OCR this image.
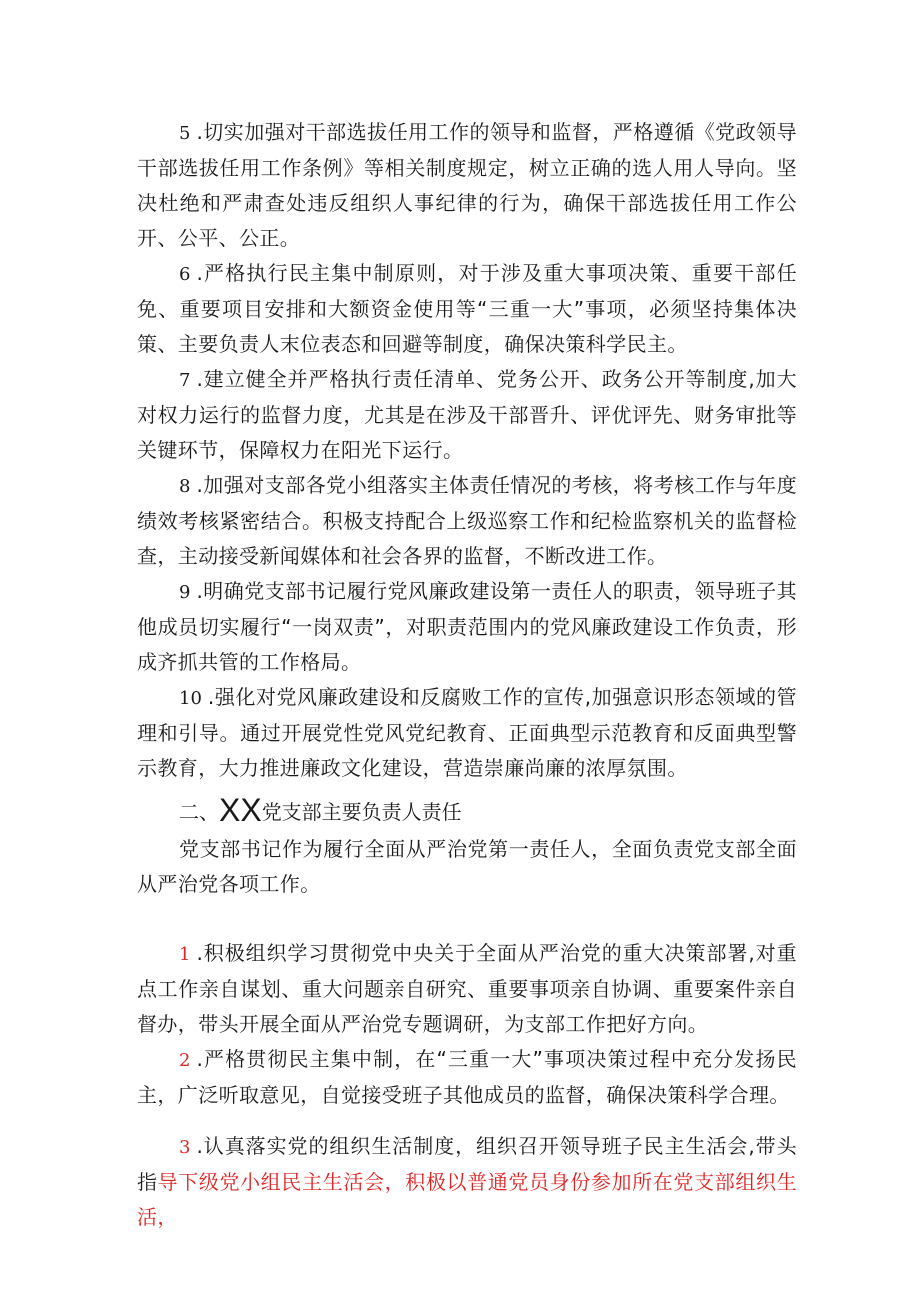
5 .切实加强对干部选拔任用工作的领导和监督，严格遵循《党政领导干部选拔任用工作条例》等相关制度规定，树立正确的选人用人导向。坚决杜绝和严肃查处违反组织人事纪律的行为，确保干部选拔任用工作公开、公平、公正。

6 .严格执行民主集中制原则，对于涉及重大事项决策、重要干部任免、重要项目安排和大额资金使用等“三重一大”事项，必须坚持集体决策、主要负责人末位表态和回避等制度，确保决策科学民主。

7 .建立健全并严格执行责任清单、党务公开、政务公开等制度,加大对权力运行的监督力度，尤其是在涉及干部晋升、评优评先、财务审批等关键环节，保障权力在阳光下运行。

8 .加强对支部各党小组落实主体责任情况的考核，将考核工作与年度绩效考核紧密结合。积极支持配合上级巡察工作和纪检监察机关的监督检查，主动接受新闻媒体和社会各界的监督，不断改进工作。

9 .明确党支部书记履行党风廉政建设第一责任人的职责，领导班子其他成员切实履行“一岗双责”，对职责范围内的党风廉政建设工作负责，形成齐抓共管的工作格局。

10 .强化对党风廉政建设和反腐败工作的宣传,加强意识形态领域的管理和引导。通过开展党性党风党纪教育、正面典型示范教育和反面典型警示教育，大力推进廉政文化建设，营造崇廉尚廉的浓厚氛围。

二、XX党支部主要负责人责任

党支部书记作为履行全面从严治党第一责任人，全面负责党支部全面从严治党各项工作。

1 .积极组织学习贯彻党中央关于全面从严治党的重大决策部署,对重点工作亲自谋划、重大问题亲自研究、重要事项亲自协调、重要案件亲自督办，带头开展全面从严治党专题调研，为支部工作把好方向。

2 .严格贯彻民主集中制，在“三重一大”事项决策过程中充分发扬民主，广泛听取意见，自觉接受班子其他成员的监督，确保决策科学合理。

3 .认真落实党的组织生活制度，组织召开领导班子民主生活会,带头指导下级党小组民主生活会，积极以普通党员身份参加所在党支部组织生活，
